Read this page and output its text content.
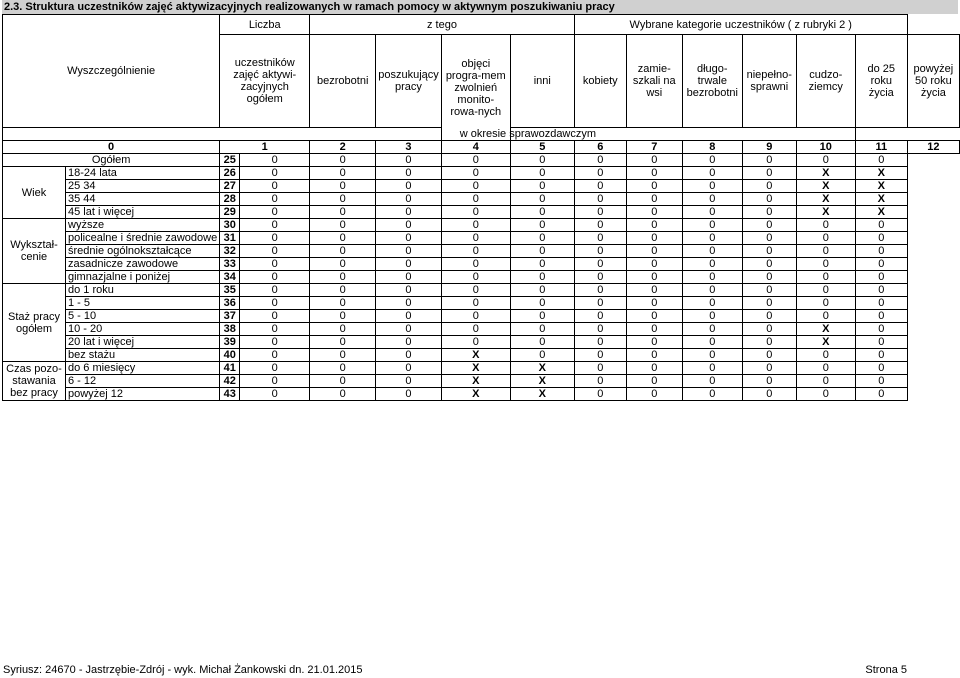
2.3. Struktura uczestników zajęć aktywizacyjnych realizowanych w ramach pomocy w aktywnym poszukiwaniu pracy
Wyszczególnienie		Liczba		z tego				Wybrane kategorie uczestników ( z rubryki 2 )						
		uczestników zajęć aktywi-zacyjnych ogółem		bezrobotni	poszukujący pracy	objęci progra-mem zwolnień monito-rowa-nych	inni	kobiety	zamie-szkali na wsi	długo-trwale bezrobotni	niepełno-sprawni	cudzo-ziemcy	do 25 roku życia	powyżej 50 roku życia

				w okresie sprawozdawczym										
0		1		2	3	4	5	6	7	8	9	10	11	12
Ogółem		25	0	0	0	0	0	0	0	0	0	0	0	
Wiek	18-24 lata	26	0	0	0	0	0	0	0	0	0	X	X	
	25 34	27	0	0	0	0	0	0	0	0	0	X	X	
	35 44	28	0	0	0	0	0	0	0	0	0	X	X	
	45 lat i więcej	29	0	0	0	0	0	0	0	0	0	X	X	
Wykształ-cenie	wyższe	30	0	0	0	0	0	0	0	0	0	0	0	
	policealne i średnie zawodowe	31	0	0	0	0	0	0	0	0	0	0	0	
	średnie ogólnokształcące	32	0	0	0	0	0	0	0	0	0	0	0	
	zasadnicze zawodowe	33	0	0	0	0	0	0	0	0	0	0	0	
	gimnazjalne i poniżej	34	0	0	0	0	0	0	0	0	0	0	0	
Staż pracy ogółem	do 1 roku	35	0	0	0	0	0	0	0	0	0	0	0	
	1 - 5	36	0	0	0	0	0	0	0	0	0	0	0	
	5 - 10	37	0	0	0	0	0	0	0	0	0	0	0	
	10 - 20	38	0	0	0	0	0	0	0	0	0	X	0	
	20 lat i więcej	39	0	0	0	0	0	0	0	0	0	X	0	
	bez stażu	40	0	0	0	X	0	0	0	0	0	0	0	
Czas pozo-stawania bez pracy	do 6 miesięcy	41	0	0	0	X	X	0	0	0	0	0	0	
	6 - 12	42	0	0	0	X	X	0	0	0	0	0	0	
	powyżej 12	43	0	0	0	X	X	0	0	0	0	0	0	
Syriusz: 24670 - Jastrzębie-Zdrój - wyk. Michał Żankowski dn. 21.01.2015	Strona 5
